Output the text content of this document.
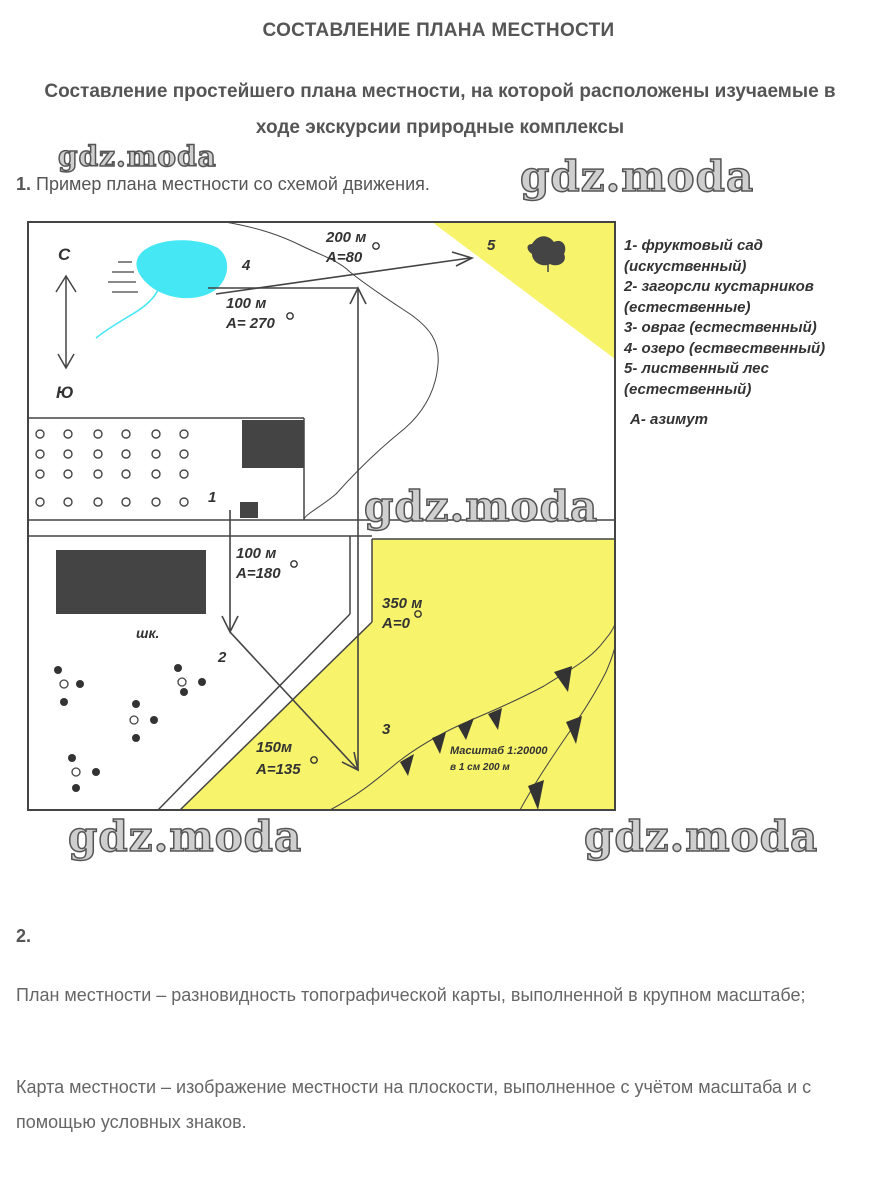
СОСТАВЛЕНИЕ ПЛАНА МЕСТНОСТИ
Составление простейшего плана местности, на которой расположены изучаемые в ходе экскурсии природные комплексы
1. Пример плана местности со схемой движения.
С
Ю
4
5
1
2
3
шк.
200 м
А=80
100 м
А= 270
100 м
А=180
350 м
А=0
150м
А=135
Масштаб 1:20000
в 1 см 200 м
1- фруктовый сад
(искуственный)
2- загорсли кустарников
(естественные)
3- овраг (естественный)
4- озеро (ествественный)
5- лиственный лес
(естественный)
А- азимут
gdz.moda	gdz.moda
gdz.moda
gdz.moda	gdz.moda
2.
План местности – разновидность топографической карты, выполненной в крупном масштабе;
Карта местности – изображение местности на плоскости, выполненное с учётом масштаба и с помощью условных знаков.
